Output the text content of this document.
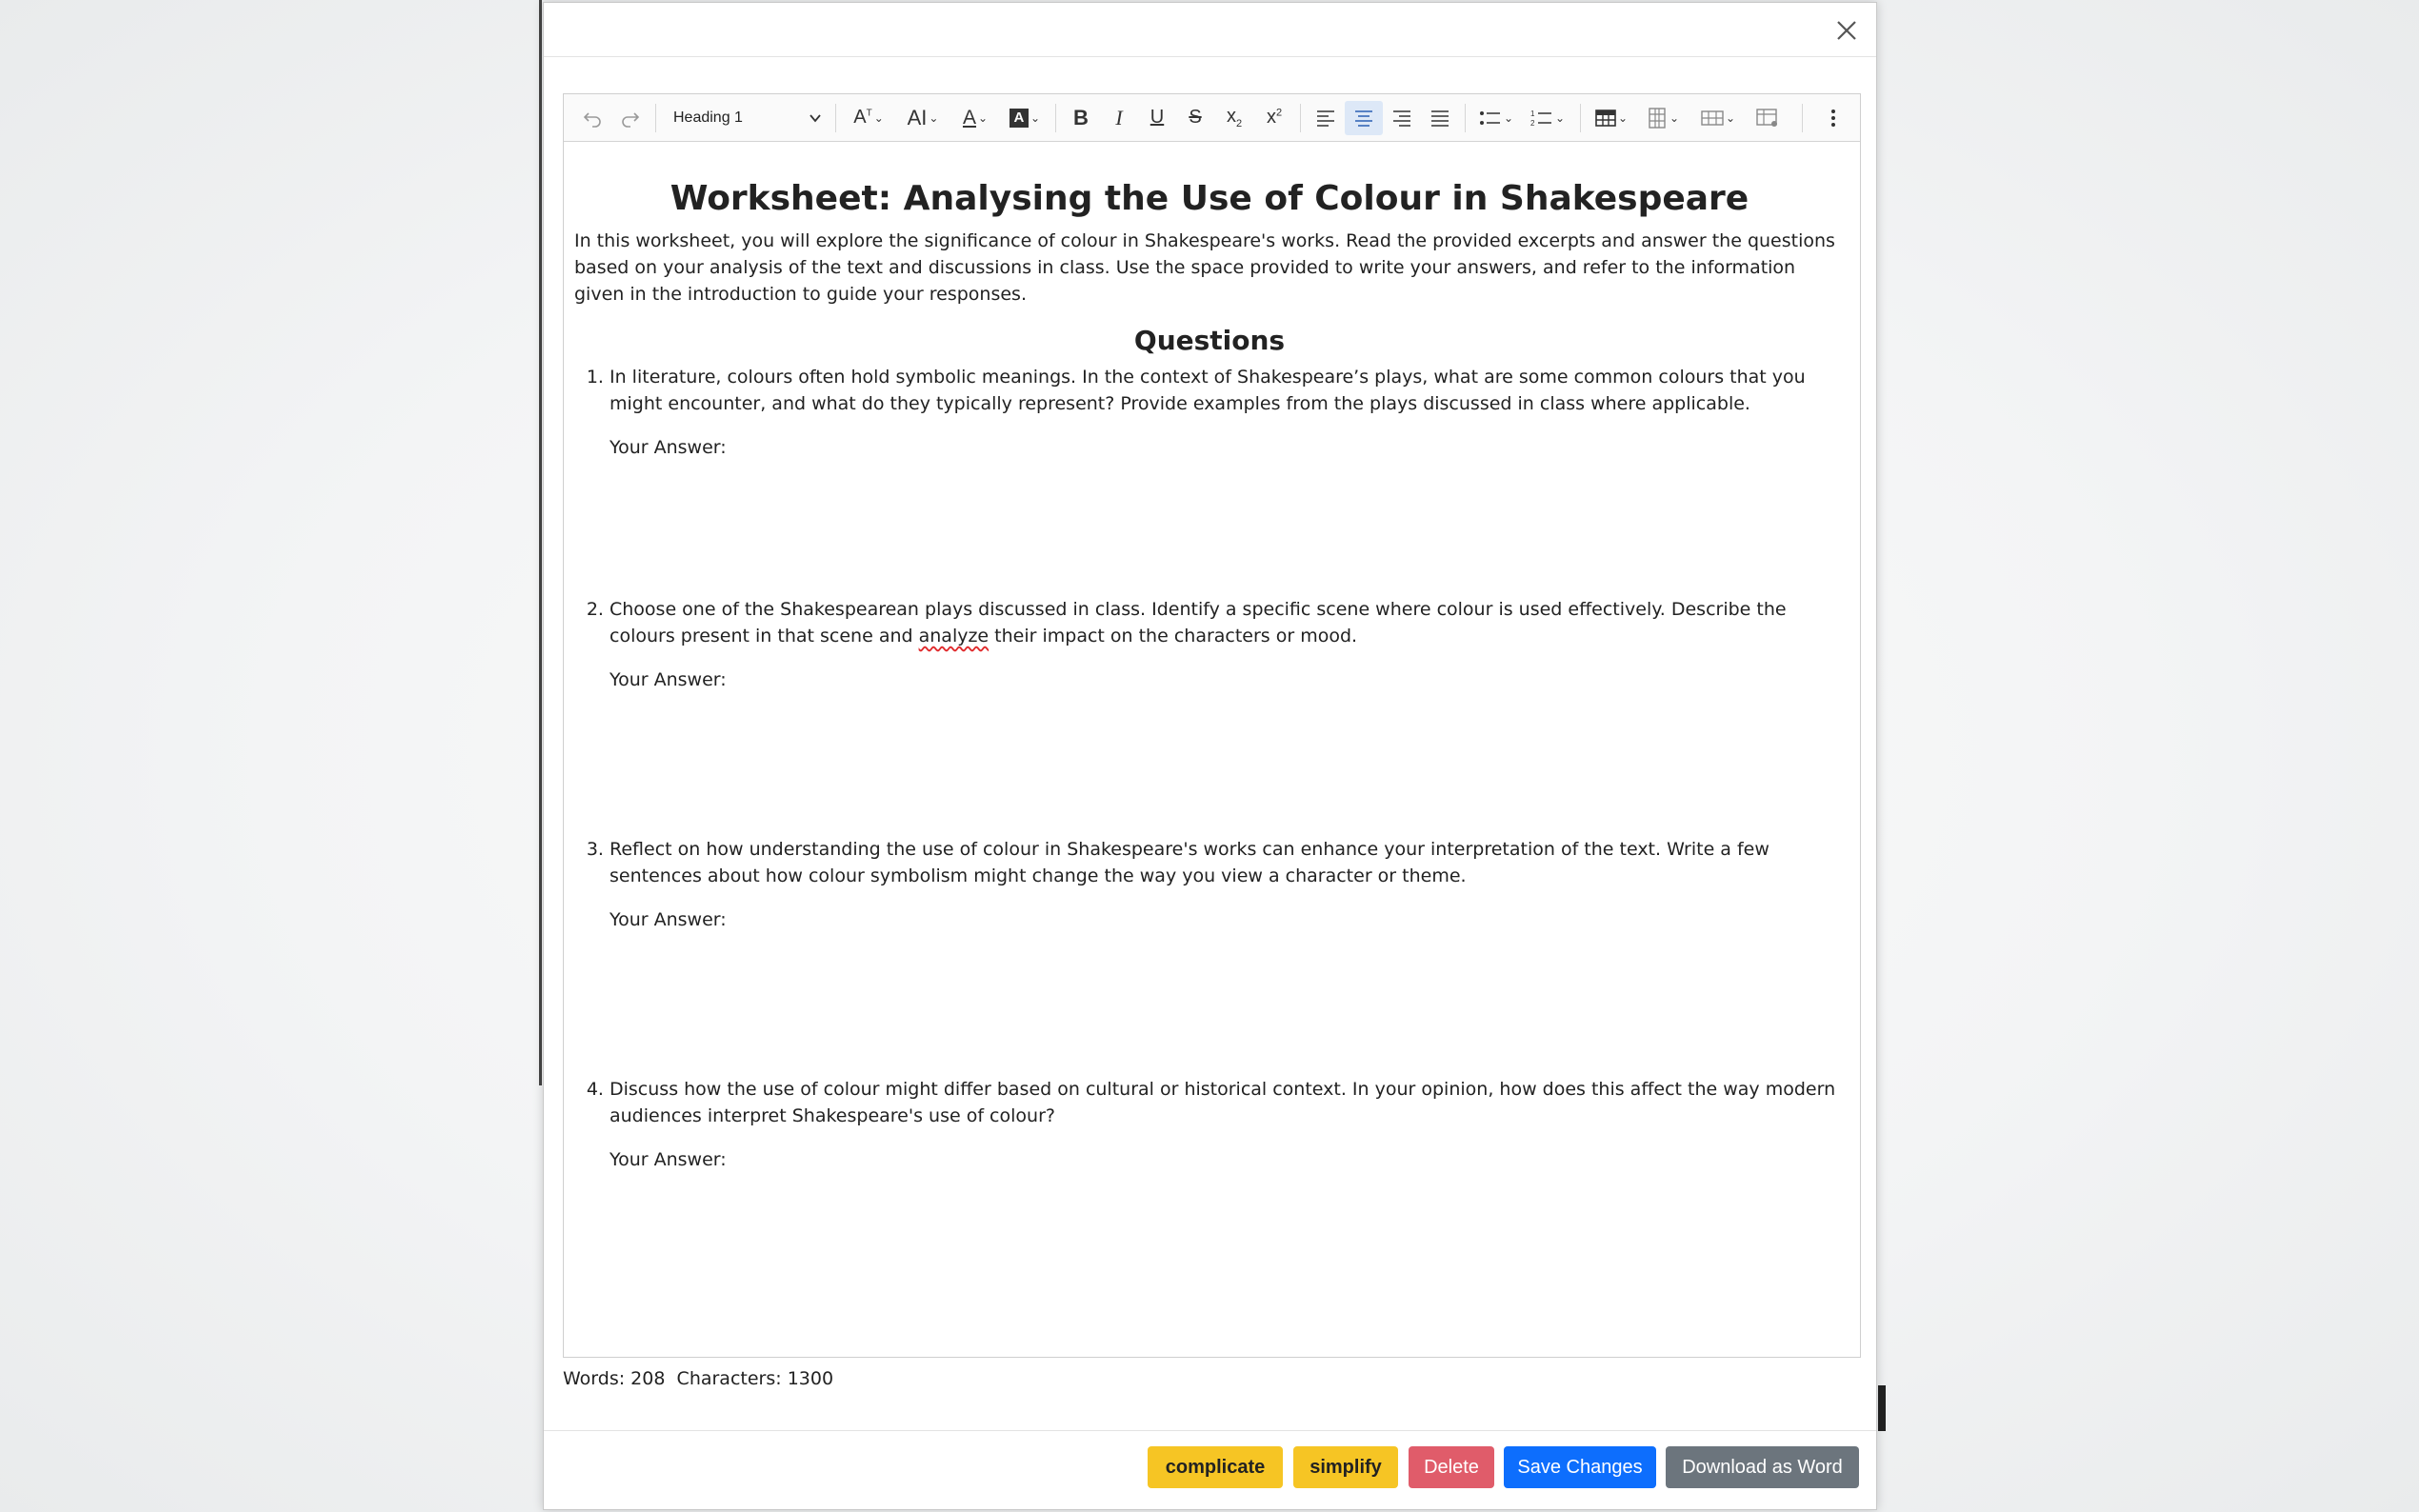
Heading 1	$A^T$ ⌄ AI ⌄ A ⌄	A ⌄ B I U S $x_2$ $x^2$	⌄ 1
2 ⌄	⌄	⌄	⌄
Worksheet: Analysing the Use of Colour in Shakespeare

In this worksheet, you will explore the significance of colour in Shakespeare's works. Read the provided excerpts and answer the questions based on your analysis of the text and discussions in class. Use the space provided to write your answers, and refer to the information given in the introduction to guide your responses.

Questions

1. In literature, colours often hold symbolic meanings. In the context of Shakespeare’s plays, what are some common colours that you might encounter, and what do they typically represent? Provide examples from the plays discussed in class where applicable.

Your Answer:

2. Choose one of the Shakespearean plays discussed in class. Identify a specific scene where colour is used effectively. Describe the colours present in that scene and analyze their impact on the characters or mood.

Your Answer:

3. Reflect on how understanding the use of colour in Shakespeare's works can enhance your interpretation of the text. Write a few sentences about how colour symbolism might change the way you view a character or theme.

Your Answer:

4. Discuss how the use of colour might differ based on cultural or historical context. In your opinion, how does this affect the way modern audiences interpret Shakespeare's use of colour?

Your Answer:

Words: 208 Characters: 1300
complicate	simplify	Delete	Save Changes	Download as Word
